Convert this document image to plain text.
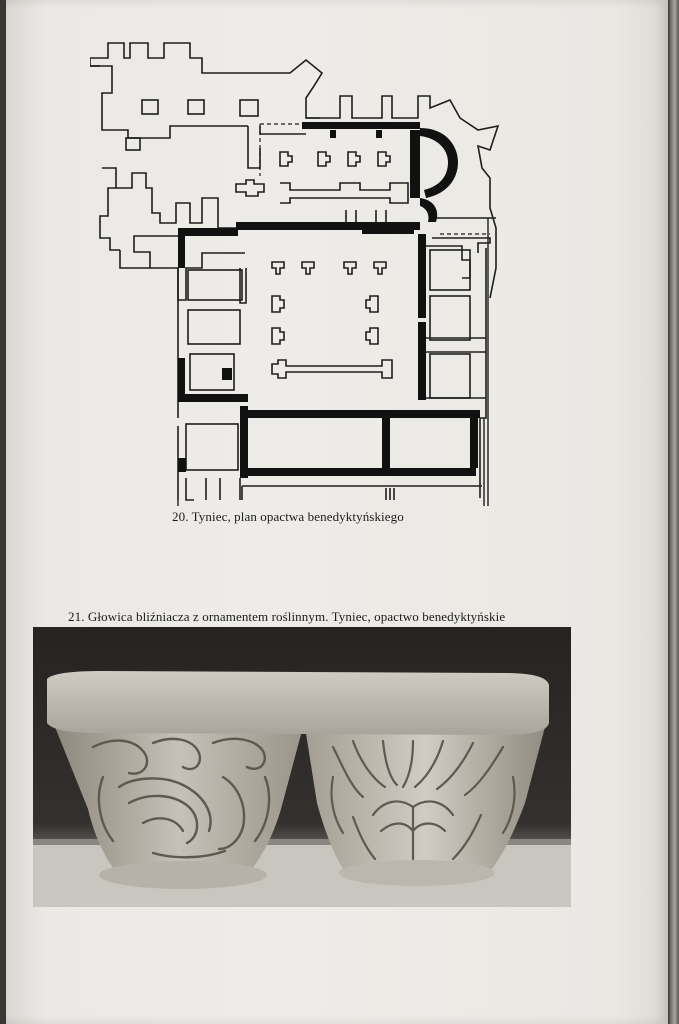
20. Tyniec, plan opactwa benedyktyńskiego
21. Głowica bliźniacza z ornamentem roślinnym. Tyniec, opactwo benedyktyńskie
